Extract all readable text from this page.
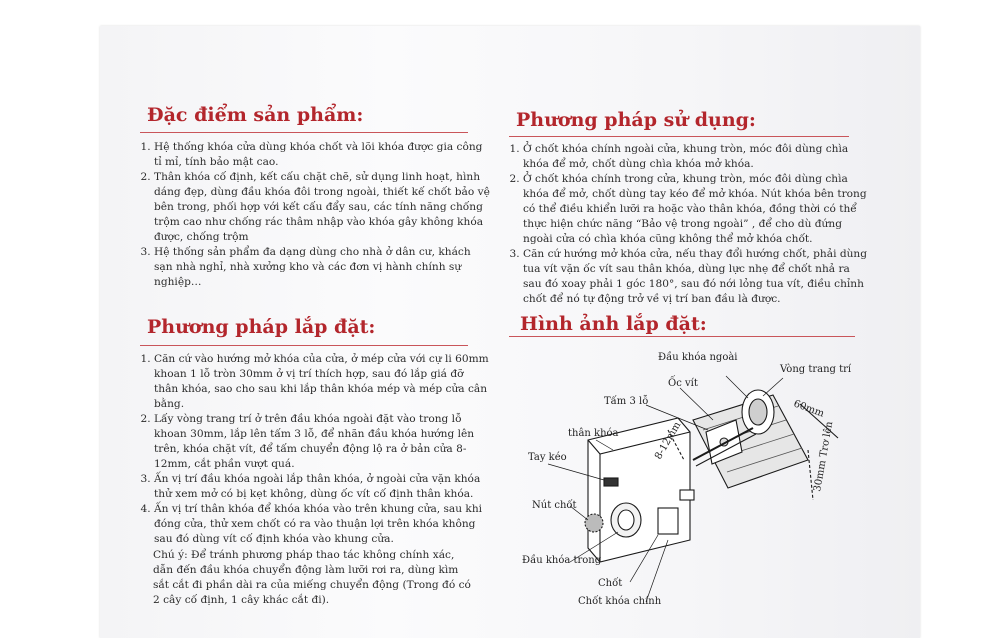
Đặc điểm sản phẩm:
1. Hệ thống khóa cửa dùng khóa chốt và lõi khóa được gia công tỉ mỉ, tính bảo mật cao.
2. Thân khóa cố định, kết cấu chặt chẽ, sử dụng linh hoạt, hình dáng đẹp, dùng đầu khóa đôi trong ngoài, thiết kế chốt bảo vệ bên trong, phối hợp với kết cấu đẩy sau, các tính năng chống trộm cao như chống rác thâm nhập vào khóa gây không khóa được, chống trộm
3. Hệ thống sản phẩm đa dạng dùng cho nhà ở dân cư, khách sạn nhà nghỉ, nhà xưởng kho và các đơn vị hành chính sự nghiệp…
Phương pháp lắp đặt:
1. Căn cứ vào hướng mở khóa của cửa, ở mép cửa với cự li 60mm khoan 1 lỗ tròn 30mm ở vị trí thích hợp, sau đó lắp giá đỡ thân khóa, sao cho sau khi lắp thân khóa mép và mép cửa cân bằng.
2. Lấy vòng trang trí ở trên đầu khóa ngoài đặt vào trong lỗ khoan 30mm, lắp lên tấm 3 lỗ, để nhãn đầu khóa hướng lên trên, khóa chặt vít, để tấm chuyển động lộ ra ở bản cửa 8-12mm, cắt phần vượt quá.
3. Ấn vị trí đầu khóa ngoài lắp thân khóa, ở ngoài cửa vặn khóa thử xem mở có bị kẹt không, dùng ốc vít cố định thân khóa.
4. Ấn vị trí thân khóa để khóa khóa vào trên khung cửa, sau khi đóng cửa, thử xem chốt có ra vào thuận lợi trên khóa không sau đó dùng vít cố định khóa vào khung cửa.

Chú ý: Để tránh phương pháp thao tác không chính xác, dẫn đến đầu khóa chuyển động làm lưỡi rơi ra, dùng kìm sắt cắt đi phần dài ra của miếng chuyển động (Trong đó có 2 cây cố định, 1 cây khác cắt đi).

Phương pháp sử dụng:
1. Ở chốt khóa chính ngoài cửa, khung tròn, móc đôi dùng chìa khóa để mở, chốt dùng chìa khóa mở khóa.
2. Ở chốt khóa chính trong cửa, khung tròn, móc đôi dùng chìa khóa để mở, chốt dùng tay kéo để mở khóa. Nút khóa bên trong có thể điều khiển lưỡi ra hoặc vào thân khóa, đồng thời có thể thực hiện chức năng “Bảo vệ trong ngoài” , để cho dù đứng ngoài cửa có chìa khóa cũng không thể mở khóa chốt.
3. Căn cứ hướng mở khóa cửa, nếu thay đổi hướng chốt, phải dùng tua vít vặn ốc vít sau thân khóa, dùng lực nhẹ để chốt nhả ra sau đó xoay phải 1 góc 180°, sau đó nới lỏng tua vít, điều chỉnh chốt để nó tự động trở về vị trí ban đầu là được.
Hình ảnh lắp đặt:
Đầu khóa ngoài
Vòng trang trí
Ốc vít
Tấm 3 lỗ	60mm
8-12mm	30mm Trơ lên
thân khóa
Tay kéo
Nút chốt
Đầu khóa trong
Chốt
Chốt khóa chính
